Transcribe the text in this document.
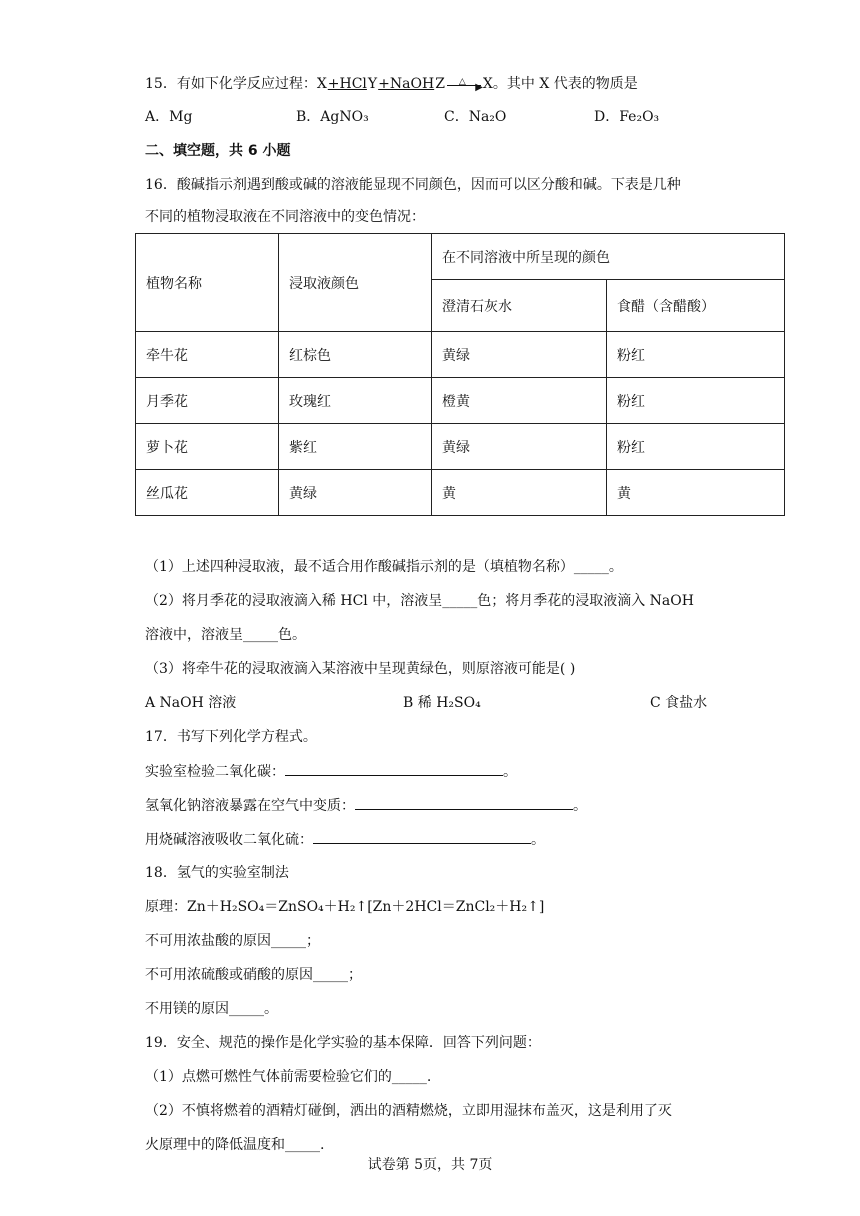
15．有如下化学反应过程：X+HClY+NaOHZ △ ▶ X。其中 X 代表的物质是
A．Mg	B．AgNO₃	C．Na₂O	D．Fe₂O₃
二、填空题，共 6 小题
16．酸碱指示剂遇到酸或碱的溶液能显现不同颜色，因而可以区分酸和碱。下表是几种
不同的植物浸取液在不同溶液中的变色情况：
植物名称	浸取液颜色	在不同溶液中所呈现的颜色	
		澄清石灰水	食醋（含醋酸）
牵牛花	红棕色	黄绿	粉红
月季花	玫瑰红	橙黄	粉红
萝卜花	紫红	黄绿	粉红
丝瓜花	黄绿	黄	黄
（1）上述四种浸取液，最不适合用作酸碱指示剂的是（填植物名称）_____。
（2）将月季花的浸取液滴入稀 HCl 中，溶液呈_____色；将月季花的浸取液滴入 NaOH
溶液中，溶液呈_____色。
（3）将牵牛花的浸取液滴入某溶液中呈现黄绿色，则原溶液可能是( )
A NaOH 溶液	B 稀 H₂SO₄	C 食盐水
17．书写下列化学方程式。
实验室检验二氧化碳：	。
氢氧化钠溶液暴露在空气中变质：	。
用烧碱溶液吸收二氧化硫：	。
18．氢气的实验室制法
原理：Zn＋H₂SO₄＝ZnSO₄＋H₂↑[Zn＋2HCl＝ZnCl₂＋H₂↑]
不可用浓盐酸的原因_____；
不可用浓硫酸或硝酸的原因_____；
不用镁的原因_____。
19．安全、规范的操作是化学实验的基本保障．回答下列问题：
（1）点燃可燃性气体前需要检验它们的_____.
（2）不慎将燃着的酒精灯碰倒，洒出的酒精燃烧，立即用湿抹布盖灭，这是利用了灭
火原理中的降低温度和_____.
试卷第 5页，共 7页
